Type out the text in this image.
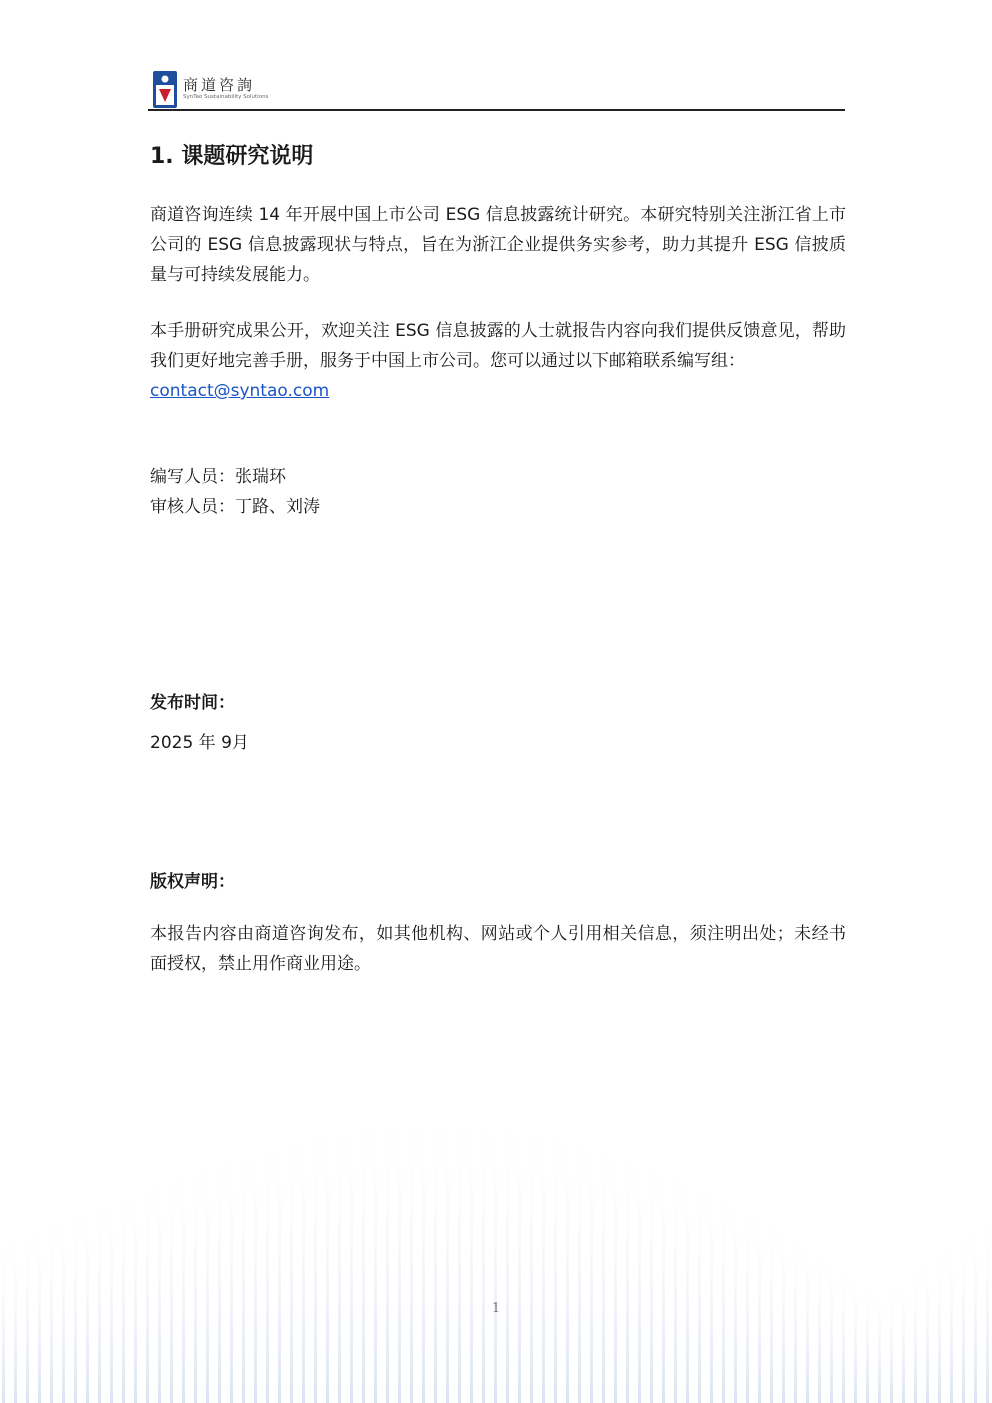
商道咨詢
SynTao Sustainability Solutions
1. 课题研究说明

商道咨询连续 14 年开展中国上市公司 ESG 信息披露统计研究。本研究特别关注浙江省上市公司的 ESG 信息披露现状与特点，旨在为浙江企业提供务实参考，助力其提升 ESG 信披质量与可持续发展能力。

本手册研究成果公开，欢迎关注 ESG 信息披露的人士就报告内容向我们提供反馈意见，帮助我们更好地完善手册，服务于中国上市公司。您可以通过以下邮箱联系编写组：

contact@syntao.com
编写人员：张瑞环
审核人员：丁路、刘涛
发布时间：
2025 年 9月
版权声明：

本报告内容由商道咨询发布，如其他机构、网站或个人引用相关信息，须注明出处；未经书面授权，禁止用作商业用途。

1
